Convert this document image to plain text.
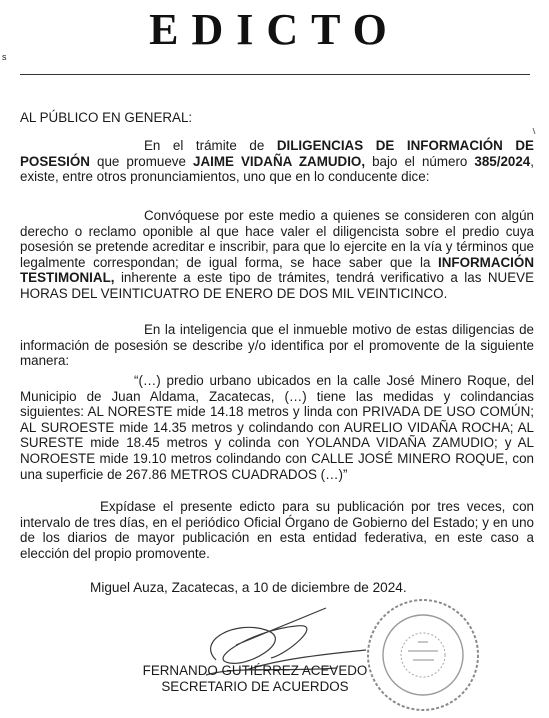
EDICTO
s

AL PÚBLICO EN GENERAL:

En el trámite de DILIGENCIAS DE INFORMACIÓN DE POSESIÓN que promueve JAIME VIDAÑA ZAMUDIO, bajo el número 385/2024, existe, entre otros pronunciamientos, uno que en lo conducente dice:
Convóquese por este medio a quienes se consideren con algún derecho o reclamo oponible al que hace valer el diligencista sobre el predio cuya posesión se pretende acreditar e inscribir, para que lo ejercite en la vía y términos que legalmente correspondan; de igual forma, se hace saber que la INFORMACIÓN TESTIMONIAL, inherente a este tipo de trámites, tendrá verificativo a las NUEVE HORAS DEL VEINTICUATRO DE ENERO DE DOS MIL VEINTICINCO.
En la inteligencia que el inmueble motivo de estas diligencias de información de posesión se describe y/o identifica por el promovente de la siguiente manera:
“(…) predio urbano ubicados en la calle José Minero Roque, del Municipio de Juan Aldama, Zacatecas, (…) tiene las medidas y colindancias siguientes: AL NORESTE mide 14.18 metros y linda con PRIVADA DE USO COMÚN; AL SUROESTE mide 14.35 metros y colindando con AURELIO VIDAÑA ROCHA; AL SURESTE mide 18.45 metros y colinda con YOLANDA VIDAÑA ZAMUDIO; y AL NOROESTE mide 19.10 metros colindando con CALLE JOSÉ MINERO ROQUE, con una superficie de 267.86 METROS CUADRADOS (…)”
Expídase el presente edicto para su publicación por tres veces, con intervalo de tres días, en el periódico Oficial Órgano de Gobierno del Estado; y en uno de los diarios de mayor publicación en esta entidad federativa, en este caso a elección del propio promovente.
Miguel Auza, Zacatecas, a 10 de diciembre de 2024.
FERNANDO GUTIÉRREZ ACEVEDO
SECRETARIO DE ACUERDOS
